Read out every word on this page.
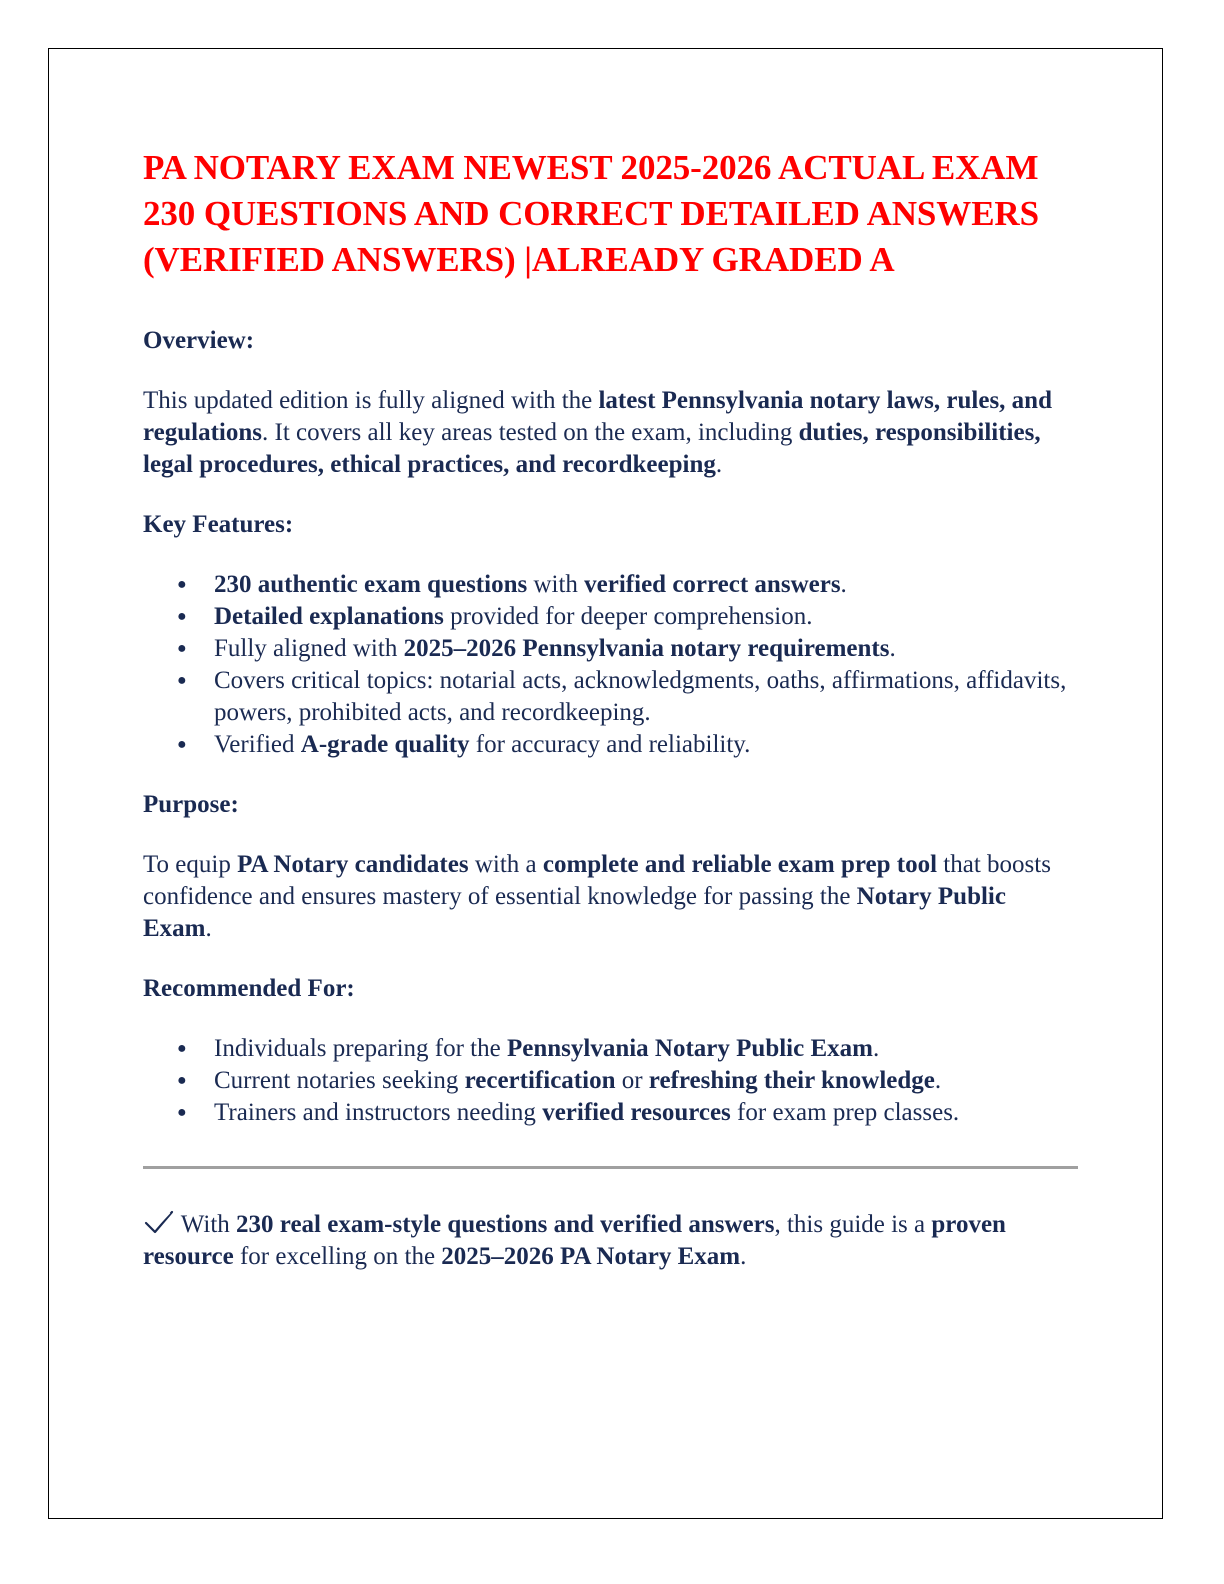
PA NOTARY EXAM NEWEST 2025-2026 ACTUAL EXAM 230 QUESTIONS AND CORRECT DETAILED ANSWERS (VERIFIED ANSWERS) |ALREADY GRADED A
Overview:

This updated edition is fully aligned with the latest Pennsylvania notary laws, rules, and regulations. It covers all key areas tested on the exam, including duties, responsibilities, legal procedures, ethical practices, and recordkeeping.

Key Features:
● 230 authentic exam questions with verified correct answers.
● Detailed explanations provided for deeper comprehension.
● Fully aligned with 2025–2026 Pennsylvania notary requirements.
● Covers critical topics: notarial acts, acknowledgments, oaths, affirmations, affidavits, powers, prohibited acts, and recordkeeping.
● Verified A-grade quality for accuracy and reliability.
Purpose:

To equip PA Notary candidates with a complete and reliable exam prep tool that boosts confidence and ensures mastery of essential knowledge for passing the Notary Public Exam.

Recommended For:
● Individuals preparing for the Pennsylvania Notary Public Exam.
● Current notaries seeking recertification or refreshing their knowledge.
● Trainers and instructors needing verified resources for exam prep classes.

With 230 real exam-style questions and verified answers, this guide is a proven resource for excelling on the 2025–2026 PA Notary Exam.
